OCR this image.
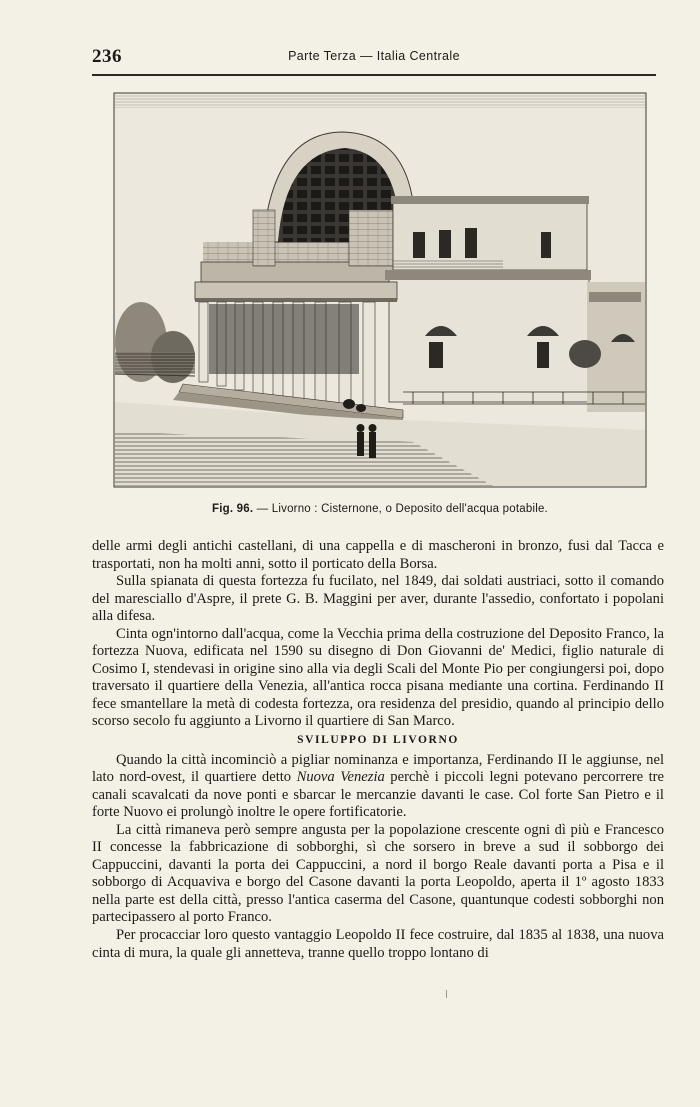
236	Parte Terza — Italia Centrale
Fig. 96. — Livorno : Cisternone, o Deposito dell'acqua potabile.

delle armi degli antichi castellani, di una cappella e di mascheroni in bronzo, fusi dal Tacca e trasportati, non ha molti anni, sotto il porticato della Borsa.

Sulla spianata di questa fortezza fu fucilato, nel 1849, dai soldati austriaci, sotto il comando del maresciallo d'Aspre, il prete G. B. Maggini per aver, durante l'assedio, confortato i popolani alla difesa.

Cinta ogn'intorno dall'acqua, come la Vecchia prima della costruzione del Deposito Franco, la fortezza Nuova, edificata nel 1590 su disegno di Don Giovanni de' Medici, figlio naturale di Cosimo I, stendevasi in origine sino alla via degli Scali del Monte Pio per congiungersi poi, dopo traversato il quartiere della Venezia, all'antica rocca pisana mediante una cortina. Ferdinando II fece smantellare la metà di codesta fortezza, ora residenza del presidio, quando al principio dello scorso secolo fu aggiunto a Livorno il quartiere di San Marco.

SVILUPPO DI LIVORNO

Quando la città incominciò a pigliar nominanza e importanza, Ferdinando II le aggiunse, nel lato nord-ovest, il quartiere detto Nuova Venezia perchè i piccoli legni potevano percorrere tre canali scavalcati da nove ponti e sbarcar le mercanzie davanti le case. Col forte San Pietro e il forte Nuovo ei prolungò inoltre le opere fortificatorie.

La città rimaneva però sempre angusta per la popolazione crescente ogni dì più e Francesco II concesse la fabbricazione di sobborghi, sì che sorsero in breve a sud il sobborgo dei Cappuccini, davanti la porta dei Cappuccini, a nord il borgo Reale davanti porta a Pisa e il sobborgo di Acquaviva e borgo del Casone davanti la porta Leopoldo, aperta il 1º agosto 1833 nella parte est della città, presso l'antica caserma del Casone, quantunque codesti sobborghi non partecipassero al porto Franco.

Per procacciar loro questo vantaggio Leopoldo II fece costruire, dal 1835 al 1838, una nuova cinta di mura, la quale gli annetteva, tranne quello troppo lontano di
